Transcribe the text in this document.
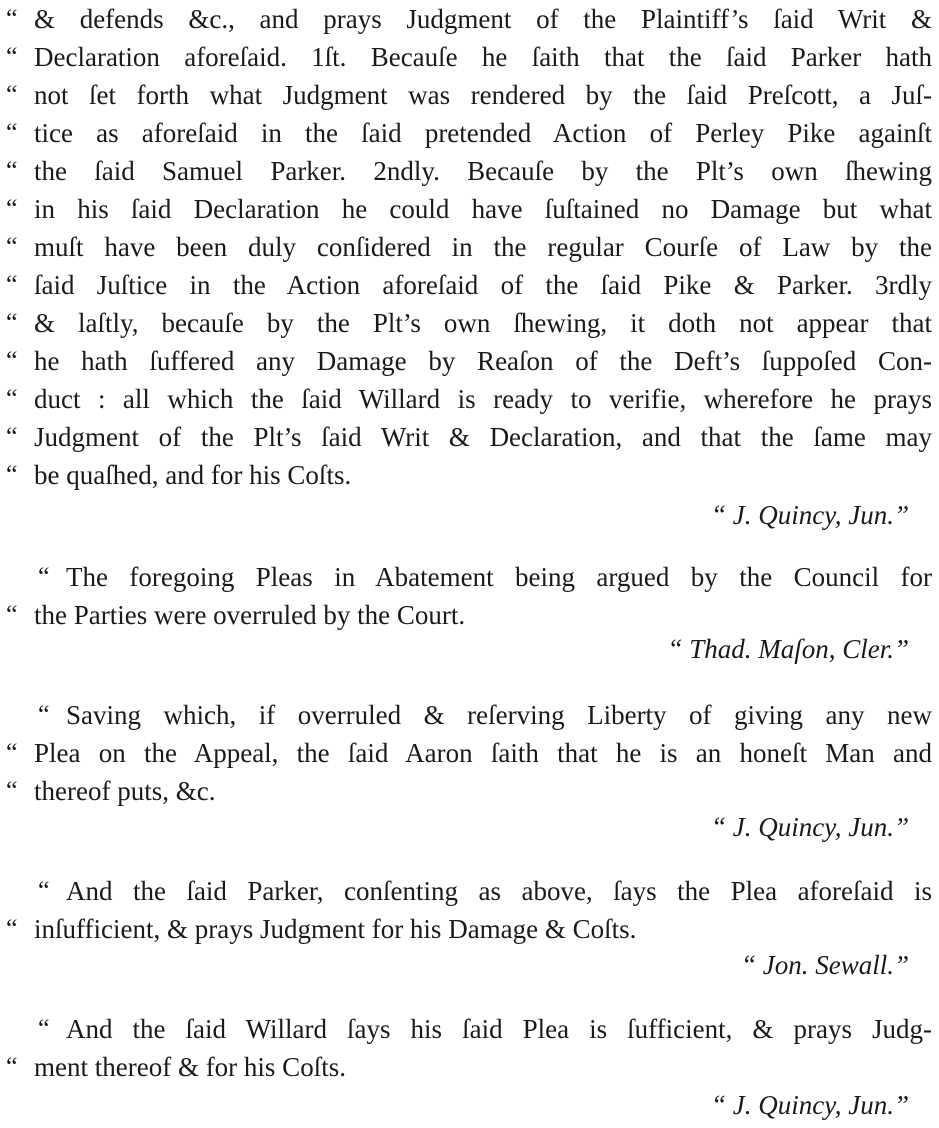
“ & defends &c., and prays Judgment of the Plaintiff’s ſaid Writ &
“ Declaration aforeſaid. 1ſt. Becauſe he ſaith that the ſaid Parker hath
“ not ſet forth what Judgment was rendered by the ſaid Preſcott, a Juſ-
“ tice as aforeſaid in the ſaid pretended Action of Perley Pike againſt
“ the ſaid Samuel Parker. 2ndly. Becauſe by the Plt’s own ſhewing
“ in his ſaid Declaration he could have ſuſtained no Damage but what
“ muſt have been duly conſidered in the regular Courſe of Law by the
“ ſaid Juſtice in the Action aforeſaid of the ſaid Pike & Parker. 3rdly
“ & laſtly, becauſe by the Plt’s own ſhewing, it doth not appear that
“ he hath ſuffered any Damage by Reaſon of the Deft’s ſuppoſed Con-
“ duct : all which the ſaid Willard is ready to verifie, wherefore he prays
“ Judgment of the Plt’s ſaid Writ & Declaration, and that the ſame may
“ be quaſhed, and for his Coſts.
“ J. Quincy, Jun.”
“ The foregoing Pleas in Abatement being argued by the Council for
“ the Parties were overruled by the Court.
“ Thad. Maſon, Cler.”
“ Saving which, if overruled & reſerving Liberty of giving any new
“ Plea on the Appeal, the ſaid Aaron ſaith that he is an honeſt Man and
“ thereof puts, &c.
“ J. Quincy, Jun.”
“ And the ſaid Parker, conſenting as above, ſays the Plea aforeſaid is
“ inſufficient, & prays Judgment for his Damage & Coſts.
“ Jon. Sewall.”
“ And the ſaid Willard ſays his ſaid Plea is ſufficient, & prays Judg-
“ ment thereof & for his Coſts.
“ J. Quincy, Jun.”
